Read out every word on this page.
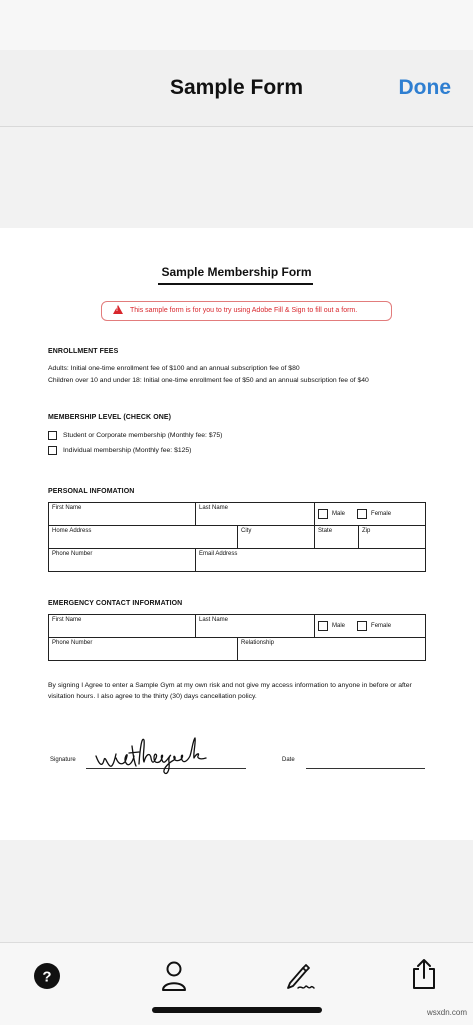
Sample Form	Done
Sample Membership Form
! This sample form is for you to try using Adobe Fill & Sign to fill out a form.
ENROLLMENT FEES
Adults: Initial one-time enrollment fee of $100 and an annual subscription fee of $80
Children over 10 and under 18: Initial one-time enrollment fee of $50 and an annual subscription fee of $40
MEMBERSHIP LEVEL (CHECK ONE)
Student or Corporate membership (Monthly fee: $75)
Individual membership (Monthly fee: $125)
PERSONAL INFOMATION
First Name	Last Name		Male Female	

Home Address		City	State	Zip
Phone Number	Email Address			
EMERGENCY CONTACT INFORMATION
First Name	Last Name		Male Female

Phone Number		Relationship	
By signing I Agree to enter a Sample Gym at my own risk and not give my access information to anyone in before or after visitation hours. I also agree to the thirty (30) days cancellation policy.
Signature	Date
?
wsxdn.com
